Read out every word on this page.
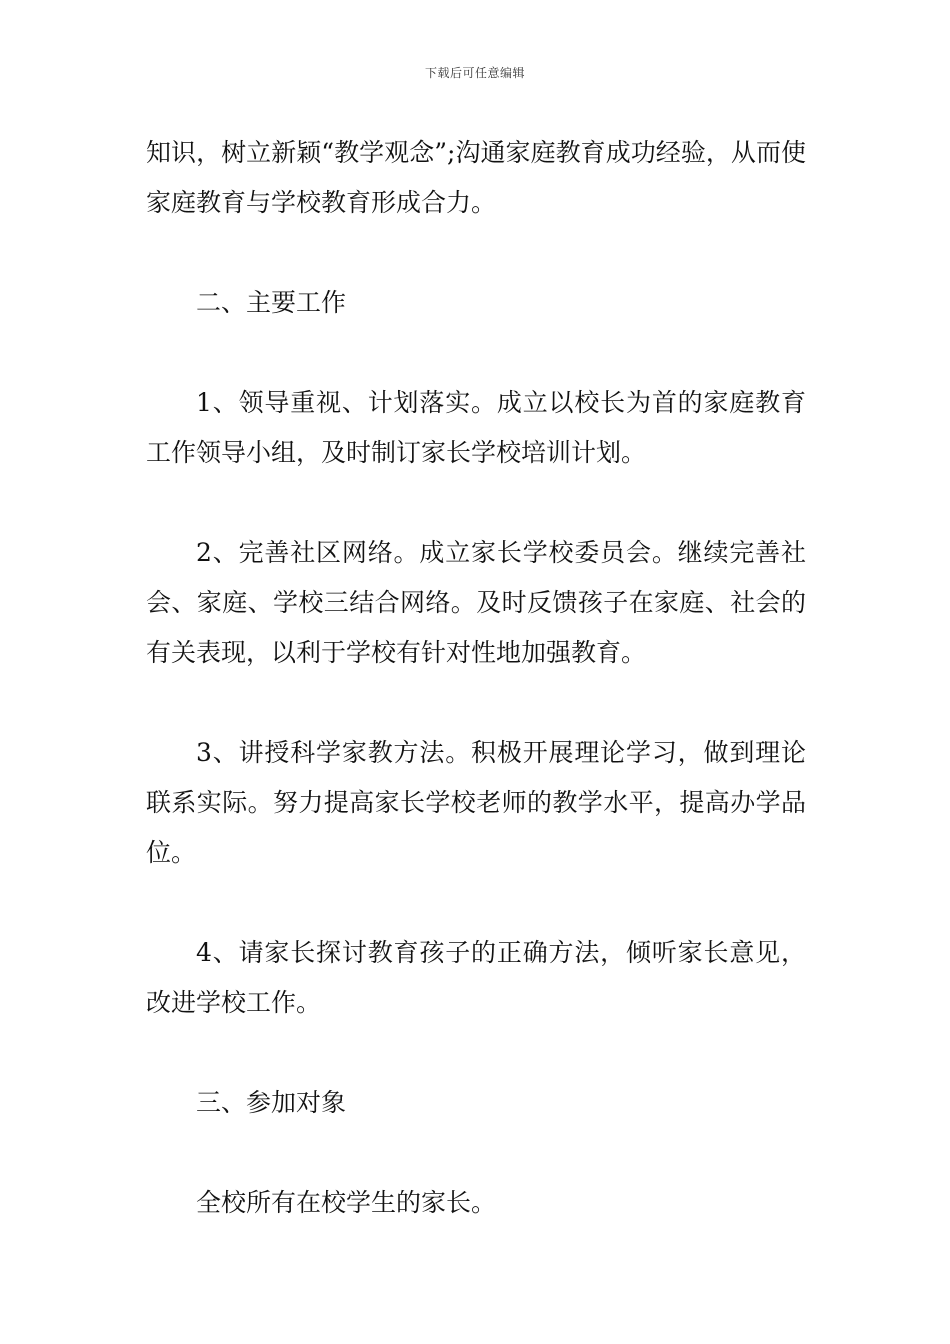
下载后可任意编辑

知识，树立新颖“教学观念”;沟通家庭教育成功经验，从而使家庭教育与学校教育形成合力。

二、主要工作

1、领导重视、计划落实。成立以校长为首的家庭教育工作领导小组，及时制订家长学校培训计划。

2、完善社区网络。成立家长学校委员会。继续完善社会、家庭、学校三结合网络。及时反馈孩子在家庭、社会的有关表现，以利于学校有针对性地加强教育。

3、讲授科学家教方法。积极开展理论学习，做到理论联系实际。努力提高家长学校老师的教学水平，提高办学品位。

4、请家长探讨教育孩子的正确方法，倾听家长意见，改进学校工作。

三、参加对象

全校所有在校学生的家长。
